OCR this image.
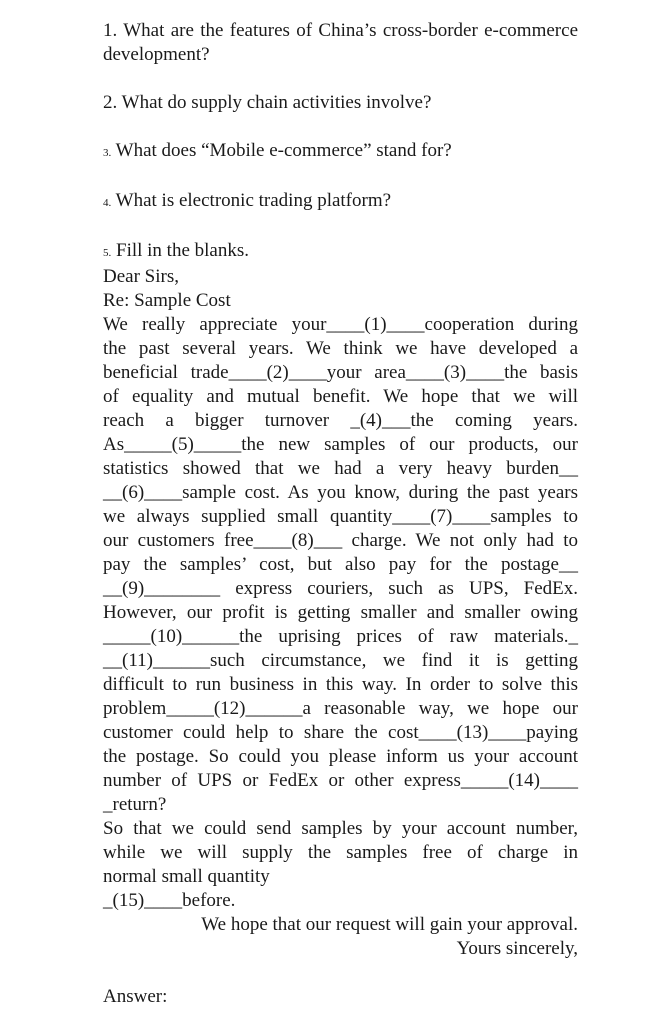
1. What are the features of China’s cross-border e-commerce development?

2. What do supply chain activities involve?

3. What does “Mobile e-commerce” stand for?

4. What is electronic trading platform?

5. Fill in the blanks.

Dear Sirs,
Re: Sample Cost
We really appreciate your____(1)____cooperation during
the past several years. We think we have developed a
beneficial trade____(2)____your area____(3)____the basis
of equality and mutual benefit. We hope that we will
reach a bigger turnover _(4)___the coming years.
As_____(5)_____the new samples of our products, our
statistics showed that we had a very heavy burden__
__(6)____sample cost. As you know, during the past years
we always supplied small quantity____(7)____samples to
our customers free____(8)___ charge. We not only had to
pay the samples’ cost, but also pay for the postage__
__(9)________ express couriers, such as UPS, FedEx.
However, our profit is getting smaller and smaller owing
_____(10)______the uprising prices of raw materials._
__(11)______such circumstance, we find it is getting
difficult to run business in this way. In order to solve this
problem_____(12)______a reasonable way, we hope our
customer could help to share the cost____(13)____paying
the postage. So could you please inform us your account
number of UPS or FedEx or other express_____(14)____
_return?
So that we could send samples by your account number,
while we will supply the samples free of charge in
normal small quantity
_(15)____before.
We hope that our request will gain your approval.
Yours sincerely,
Answer:
